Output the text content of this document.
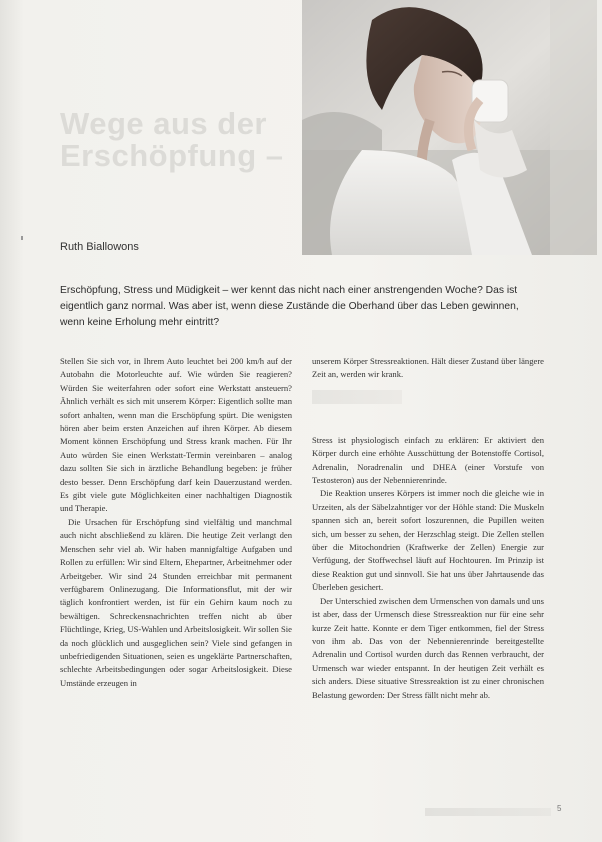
Wege aus der Erschöpfung –
Ruth Biallowons
Erschöpfung, Stress und Müdigkeit – wer kennt das nicht nach einer anstrengenden Woche? Das ist eigentlich ganz normal. Was aber ist, wenn diese Zustände die Oberhand über das Leben gewinnen, wenn keine Erholung mehr eintritt?

Stellen Sie sich vor, in Ihrem Auto leuchtet bei 200 km/h auf der Autobahn die Motorleuchte auf. Wie würden Sie reagieren? Würden Sie weiterfahren oder sofort eine Werkstatt ansteuern? Ähnlich verhält es sich mit unserem Körper: Eigentlich sollte man sofort anhalten, wenn man die Erschöpfung spürt. Die wenigsten hören aber beim ersten Anzeichen auf ihren Körper. Ab diesem Moment können Erschöpfung und Stress krank machen. Für Ihr Auto würden Sie einen Werkstatt-Termin vereinbaren – analog dazu sollten Sie sich in ärztliche Behandlung begeben: je früher desto besser. Denn Erschöpfung darf kein Dauerzustand werden. Es gibt viele gute Möglichkeiten einer nachhaltigen Diagnostik und Therapie.

Die Ursachen für Erschöpfung sind vielfältig und manchmal auch nicht abschließend zu klären. Die heutige Zeit verlangt den Menschen sehr viel ab. Wir haben mannigfaltige Aufgaben und Rollen zu erfüllen: Wir sind Eltern, Ehepartner, Arbeitnehmer oder Arbeitgeber. Wir sind 24 Stunden erreichbar mit permanent verfügbarem Onlinezugang. Die Informationsflut, mit der wir täglich konfrontiert werden, ist für ein Gehirn kaum noch zu bewältigen. Schreckensnachrichten treffen nicht ab über Flüchtlinge, Krieg, US-Wahlen und Arbeitslosigkeit. Wir sollen Sie da noch glücklich und ausgeglichen sein? Viele sind gefangen in unbefriedigenden Situationen, seien es ungeklärte Partnerschaften, schlechte Arbeitsbedingungen oder sogar Arbeitslosigkeit. Diese Umstände erzeugen in

unserem Körper Stressreaktionen. Hält dieser Zustand über längere Zeit an, werden wir krank.

Stress ist physiologisch einfach zu erklären: Er aktiviert den Körper durch eine erhöhte Ausschüttung der Botenstoffe Cortisol, Adrenalin, Noradrenalin und DHEA (einer Vorstufe von Testosteron) aus der Nebennierenrinde.

Die Reaktion unseres Körpers ist immer noch die gleiche wie in Urzeiten, als der Säbelzahntiger vor der Höhle stand: Die Muskeln spannen sich an, bereit sofort loszurennen, die Pupillen weiten sich, um besser zu sehen, der Herzschlag steigt. Die Zellen stellen über die Mitochondrien (Kraftwerke der Zellen) Energie zur Verfügung, der Stoffwechsel läuft auf Hochtouren. Im Prinzip ist diese Reaktion gut und sinnvoll. Sie hat uns über Jahrtausende das Überleben gesichert.

Der Unterschied zwischen dem Urmenschen von damals und uns ist aber, dass der Urmensch diese Stressreaktion nur für eine sehr kurze Zeit hatte. Konnte er dem Tiger entkommen, fiel der Stress von ihm ab. Das von der Nebennierenrinde bereitgestellte Adrenalin und Cortisol wurden durch das Rennen verbraucht, der Urmensch war wieder entspannt. In der heutigen Zeit verhält es sich anders. Diese situative Stressreaktion ist zu einer chronischen Belastung geworden: Der Stress fällt nicht mehr ab.

5
